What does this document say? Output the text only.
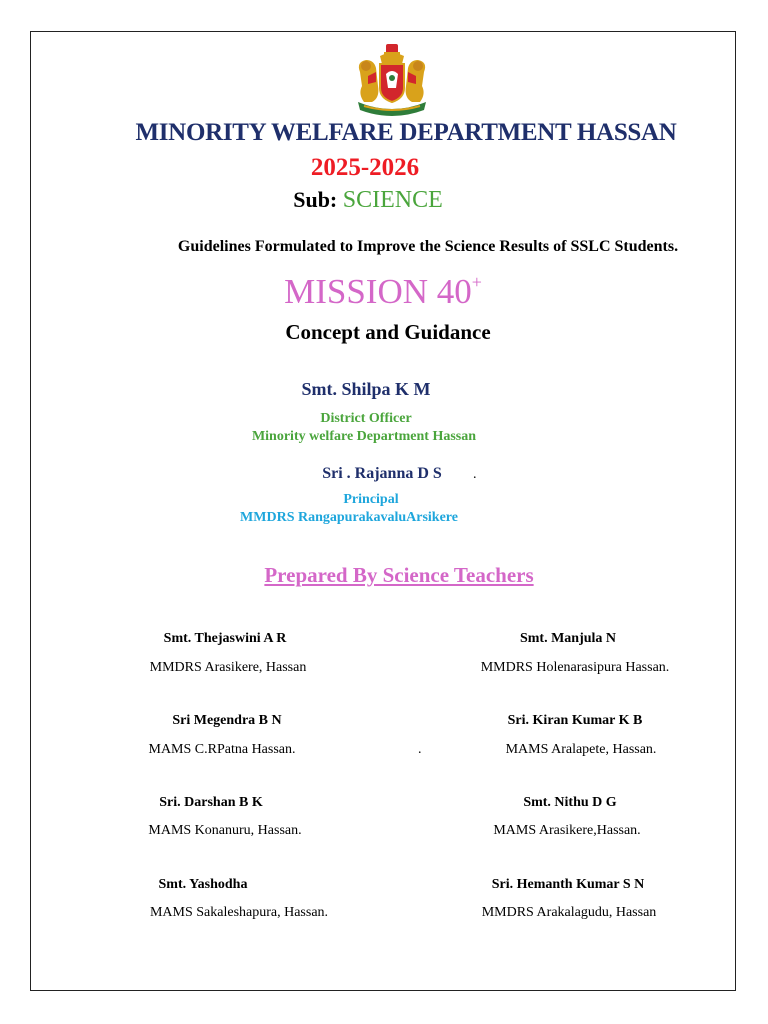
MINORITY WELFARE DEPARTMENT HASSAN
2025-2026
Sub: SCIENCE
Guidelines Formulated to Improve the Science Results of SSLC Students.
MISSION 40+
Concept and Guidance
Smt. Shilpa K M
District Officer
Minority welfare Department Hassan
Sri . Rajanna D S .
Principal
MMDRS RangapurakavaluArsikere
Prepared By Science Teachers
Smt. Thejaswini A R
MMDRS Arasikere, Hassan
Sri Megendra B N
MAMS C.RPatna Hassan.
Sri. Darshan B K
MAMS Konanuru, Hassan.
Smt. Yashodha
MAMS Sakaleshapura, Hassan.
Smt. Manjula N
MMDRS Holenarasipura Hassan.
Sri. Kiran Kumar K B
MAMS Aralapete, Hassan.
Smt. Nithu D G
MAMS Arasikere,Hassan.
Sri. Hemanth Kumar S N
MMDRS Arakalagudu, Hassan
.
